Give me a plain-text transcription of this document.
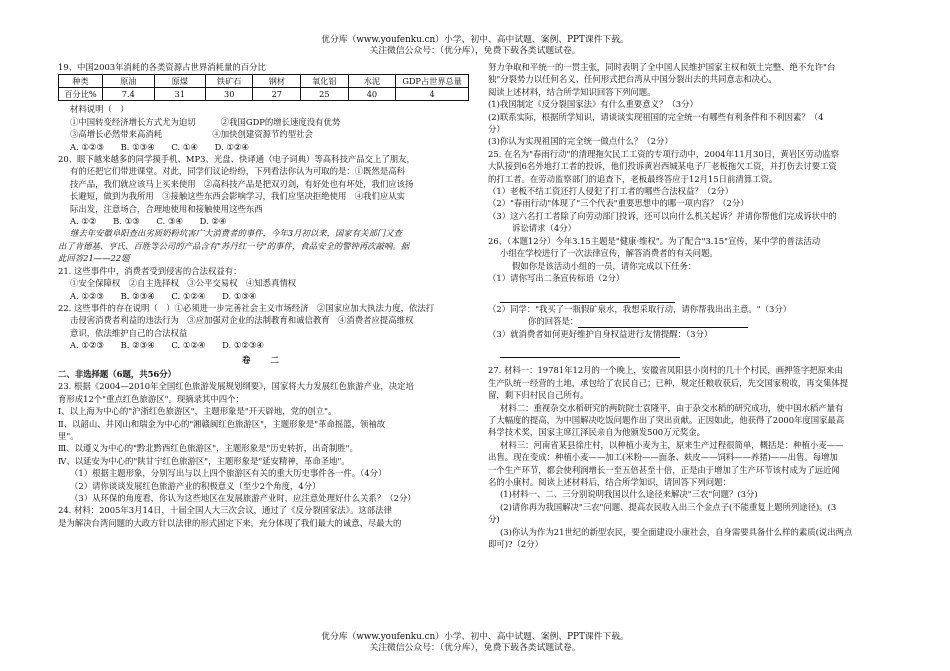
优分库（www.youfenku.cn）小学、初中、高中试题、案例、PPT课件下载。
关注微信公众号：（优分库），免费下载各类试题试卷。

19、中国2003年消耗的各类资源占世界消耗量的百分比

种类	原油	原煤	铁矿石	钢材	氧化铝	水泥	GDP占世界总量
百分比%	7.4	31	30	27	25	40	4

材料说明（　）

①中国转变经济增长方式尤为迫切　　　②我国GDP的增长速度没有优势

③高增长必然带来高消耗　　　　　　④加快创建资源节约型社会

A. ①②③　　B. ①③④　　C. ①④　　D. ①②④

20、眼下越来越多的同学摸手机、MP3、光盘、快译通（电子词典）等高科技产品交上了朋友，

有的还把它们带进课堂。对此，同学们议论纷纷，下列看法你认为可取的是：①既然是高科

技产品，我们就应该马上买来使用　②高科技产品是把双刃剑，有好处也有坏处，我们应该扬

长避短，做到为我所用　③接触这些东西会影响学习，我们应坚决拒绝使用　④我们应从实

际出发，注意场合，合理地使用和接触使用这些东西

A. ①②　　B. ①③　　C. ③④　　D. ②④

继去年安徽阜阳查出劣质奶粉坑害广大消费者的事件，今年3月初以来，国家有关部门又查

出了肯德基、亨氏、百胜等公司的产品含有"苏丹红一号"的事件，食品安全的警钟再次敲响。据

此回答21——22题

21. 这些事件中，消费者受到侵害的合法权益有：

①安全保障权　②自主选择权　③公平交易权　④知悉真情权

A. ①②③　　B. ②③④　　C. ①②④　　D. ①③④

22. 这些事件的存在说明（　）①必须进一步完善社会主义市场经济　②国家应加大执法力度，依法打

击侵害消费者利益的违法行为　③应加强对企业的法制教育和诚信教育　④消费者应提高维权

意识，依法维护自己的合法权益

A. ①②③　　B. ②③④　　C. ①②④　　D. ①②③④

卷　二

二、非选择题（6题，共56分）

23. 根据《2004—2010年全国红色旅游发展规划纲要》，国家将大力发展红色旅游产业，决定培

育形成12个"重点红色旅游区"。现摘录其中四个：

Ⅰ、以上海为中心的"沪浙红色旅游区"，主题形象是"开天辟地，党的创立"。

Ⅱ、以韶山、井冈山和瑞金为中心的"湘赣闽红色旅游区"，主题形象是"革命摇篮，领袖故

里"。

Ⅲ、以遵义为中心的"黔北黔西红色旅游区"，主题形象是"历史转折，出奇制胜"。

Ⅳ、以延安为中心的"陕甘宁红色旅游区"，主题形象是"延安精神，革命圣地"。

（1）根据主题形象，分别写出与以上四个旅游区有关的重大历史事件各一件。（4分）

（2）请你谈谈发展红色旅游产业的积极意义（至少2个角度，4分）

（3）从环保的角度看，你认为这些地区在发展旅游产业时，应注意处理好什么关系？（2分）

24. 材料：2005年3月14日，十届全国人大三次会议，通过了《反分裂国家法》。这部法律

是为解决台湾问题的大政方针以法律的形式固定下来，充分体现了我们最大的诚意、尽最大的

努力争取和平统一的一贯主张，同时表明了全中国人民维护国家主权和领土完整、绝不允许"台

独"分裂势力以任何名义、任何形式把台湾从中国分裂出去的共同意志和决心。

阅读上述材料，结合所学知识回答下列问题。

(1)我国制定《反分裂国家法》有什么重要意义？（3分）

(2)联系实际，根据所学知识，请谈谈实现祖国的完全统一有哪些有利条件和不利因素？（4

分）

(3)你认为实现祖国的完全统一做点什么？（2分）

25. 在名为"春雨行动"的清理拖欠民工工资的专项行动中，2004年11月30日，黄岩区劳动监察

大队接到6名外地打工者的投诉，他们投诉黄岩西城某电子厂老板拖欠工资，并打伤去讨要工资

的打工者。在劳动监察部门的追查下，老板最终答应于12月15日前清算工资。

（1）老板不结工资还打人侵犯了打工者的哪些合法权益？（2分）

（2）"春雨行动"体现了"三个代表"重要思想中的哪一项内容？（2分）

（3）这六名打工者除了向劳动部门投诉，还可以向什么机关起诉？并请你帮他们完成诉状中的

诉讼请求（4分）

26、（本题12分）今年3.15主题是"健康·维权"。为了配合"3.15"宣传，某中学的普法活动

小组在学校进行了一次法律宣传，解答消费者的有关问题。

假如你是该活动小组的一员，请你完成以下任务：

（1）请你写出二条宣传标语（2分）

（2）同学："我买了一瓶假矿泉水，我想采取行动，请你帮我出出主意。"（3分）

你的回答是：

（3）就消费者如何更好维护自身权益进行友情提醒：（3分）

27. 材料一：19781年12月的一个晚上，安徽省凤阳县小岗村的几十个村民，画押签字把原来由

生产队统一经营的土地，承包给了农民自己；已种，规定任粮收获后，先交国家税收，再交集体提

留，剩下归村民自己所有。

材料二：重视杂交水稻研究的两院院士袁隆平，由于杂交水稻的研究成功，使中国水稻产量有

了大幅度的提高，为中国解决吃饭问题作出了突出贡献。正因如此，他获得了2000年度国家最高

科学技术奖，国家主席江泽民亲自为他颁发500万元奖金。

材料三：河南省某县徐庄村，以种植小麦为主，原来生产过程很简单，概括是：种植小麦——

出售。现在变成：种植小麦——加工(米粉——面条、麸皮——饲料——养猪)——出售。每增加

一个生产环节，都会使利润增长一至五倍甚至十倍，正是由于增加了生产环节该村成为了远近闻

名的小康村。阅读上述材料后，结合所学知识，请回答下列问题：

(1)材料一、二、三分别说明我国以什么途径来解决"三农"问题？(3分)

(2)请你再为我国解决"三农"问题、提高农民收入出三个金点子(不能重复上题所列途径)。(3

分)

(3)你认为作为21世纪的新型农民，要全面建设小康社会，自身需要具备什么样的素质(说出两点

即可)?（2分）

优分库（www.youfenku.cn）小学、初中、高中试题、案例、PPT课件下载。
关注微信公众号：（优分库），免费下载各类试题试卷。
